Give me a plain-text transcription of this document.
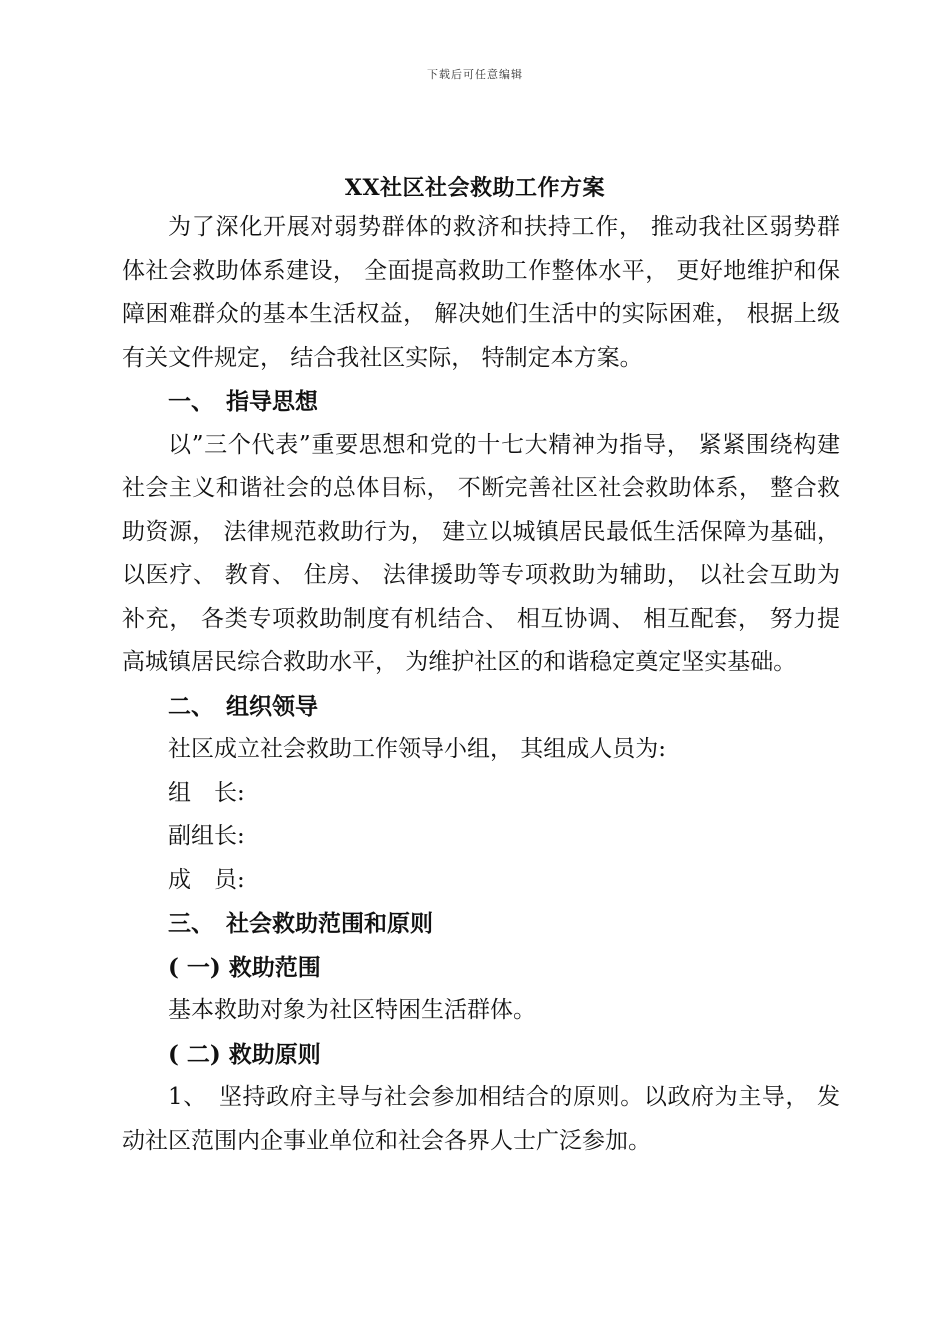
下载后可任意编辑
XX社区社会救助工作方案

为了深化开展对弱势群体的救济和扶持工作， 推动我社区弱势群体社会救助体系建设， 全面提高救助工作整体水平， 更好地维护和保障困难群众的基本生活权益， 解决她们生活中的实际困难， 根据上级有关文件规定， 结合我社区实际， 特制定本方案。

一、 指导思想

以”三个代表”重要思想和党的十七大精神为指导， 紧紧围绕构建社会主义和谐社会的总体目标， 不断完善社区社会救助体系， 整合救助资源， 法律规范救助行为， 建立以城镇居民最低生活保障为基础， 以医疗、 教育、 住房、 法律援助等专项救助为辅助， 以社会互助为补充， 各类专项救助制度有机结合、 相互协调、 相互配套， 努力提高城镇居民综合救助水平， 为维护社区的和谐稳定奠定坚实基础。

二、 组织领导

社区成立社会救助工作领导小组， 其组成人员为:

组　长:

副组长:

成　员:

三、 社会救助范围和原则

( 一) 救助范围

基本救助对象为社区特困生活群体。

( 二) 救助原则

1、　坚持政府主导与社会参加相结合的原则。以政府为主导， 发动社区范围内企事业单位和社会各界人士广泛参加。
